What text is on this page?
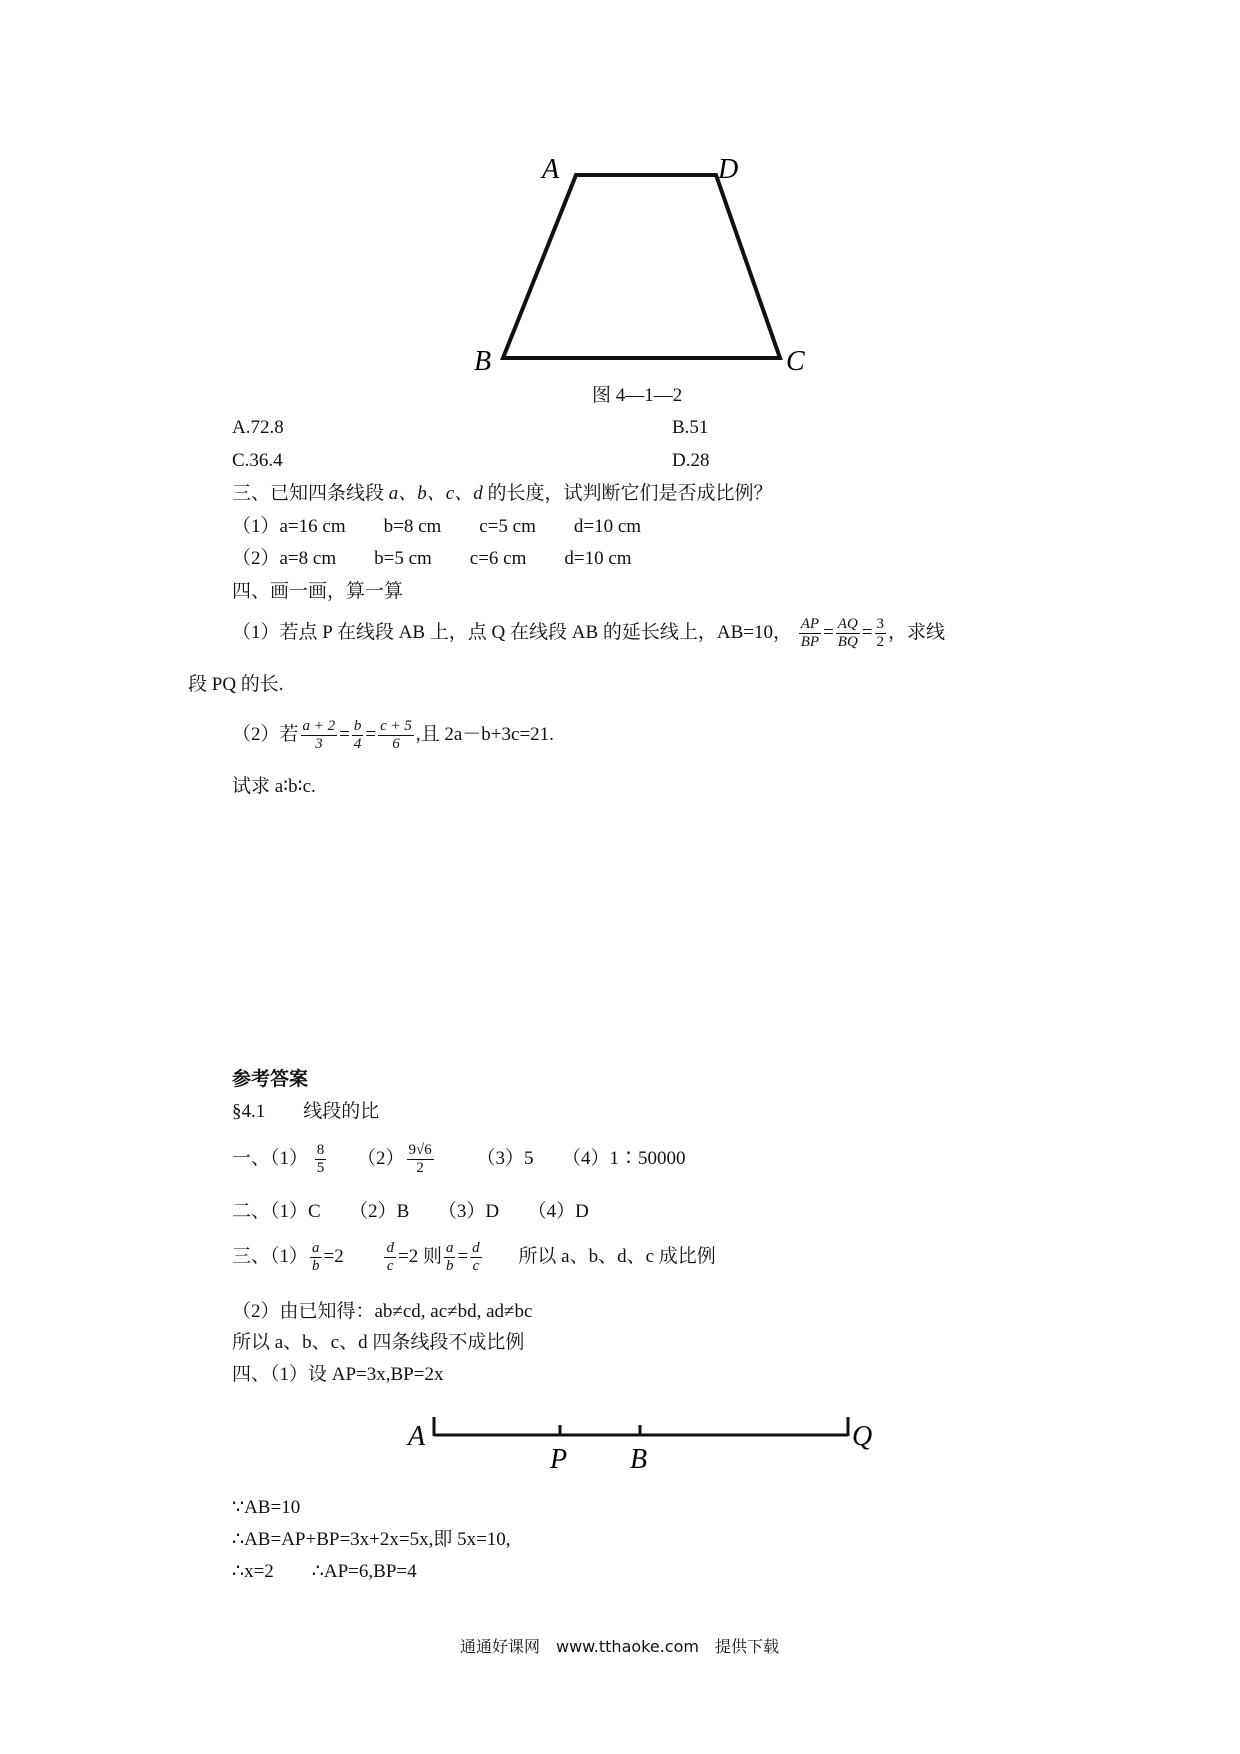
A	D
B	C
图 4—1—2
A.72.8	B.51
C.36.4	D.28
三、已知四条线段 a、b、c、d 的长度，试判断它们是否成比例？
（1）a=16 cm　　b=8 cm　　c=5 cm　　d=10 cm
（2）a=8 cm　　b=5 cm　　c=6 cm　　d=10 cm
四、画一画，算一算
（1）若点 P 在线段 AB 上，点 Q 在线段 AB 的延长线上，AB=10， $\frac{AP}{BP} = \frac{AQ}{BQ} = \frac{3}{2}$ ，求线
段 PQ 的长.
（2）若 $\frac{a + 2}{3} = \frac{b}{4} = \frac{c + 5}{6}$ ,且 2a－b+3c=21.
试求 a∶b∶c.
参考答案
§4.1　　线段的比
一、$(1) \frac{8}{5} (2) \frac{9√6}{2} (3)5$　　（4）1∶50000
二、（1）C　　（2）B　　（3）D　　（4）D
三、$(1) \frac{a}{b} =2$	$\frac{d}{c} =2$ 则 $\frac{a}{b} = \frac{d}{c}$ 所以 a、b、d、c 成比例
（2）由已知得：ab≠cd, ac≠bd, ad≠bc
所以 a、b、c、d 四条线段不成比例
四、（1）设 AP=3x,BP=2x
A
P B
Q
∵AB=10
∴AB=AP+BP=3x+2x=5x,即 5x=10,
∴x=2　　∴AP=6,BP=4
通通好课网　www.tthaoke.com　提供下载
